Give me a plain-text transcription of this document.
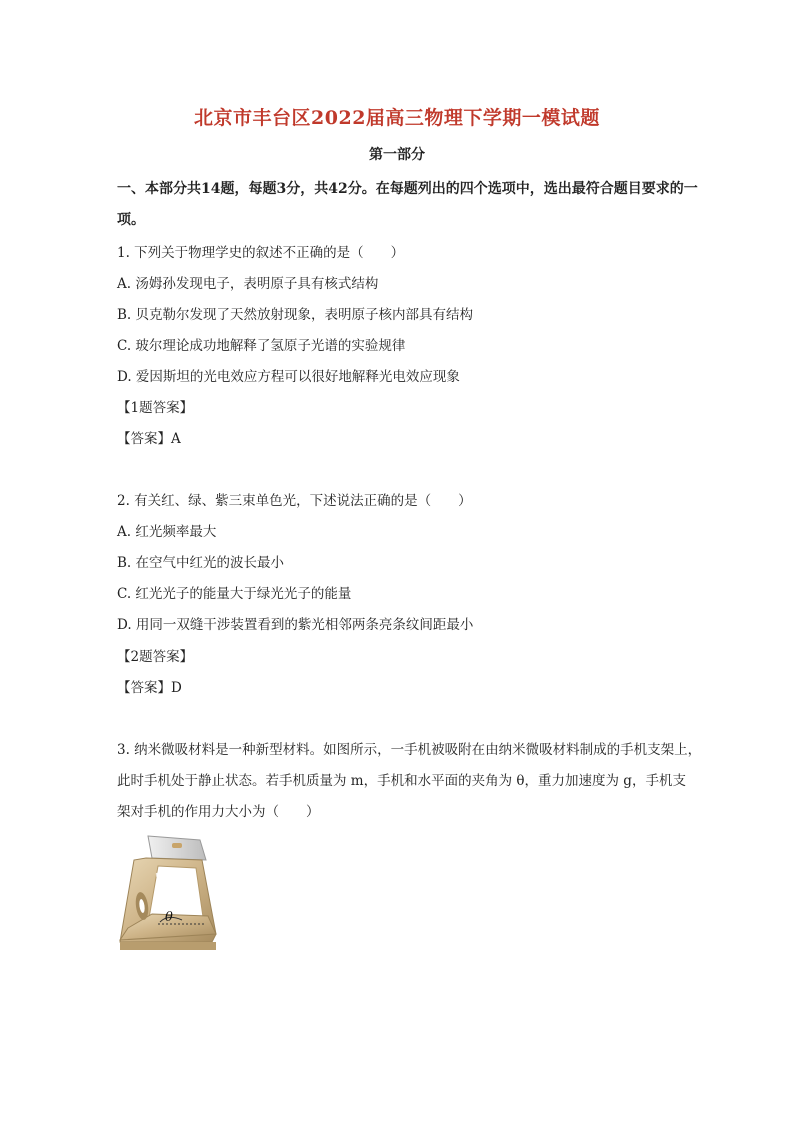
北京市丰台区2022届高三物理下学期一模试题
第一部分
一、本部分共14题，每题3分，共42分。在每题列出的四个选项中，选出最符合题目要求的一
项。
1. 下列关于物理学史的叙述不正确的是（　　）
A. 汤姆孙发现电子，表明原子具有核式结构
B. 贝克勒尔发现了天然放射现象，表明原子核内部具有结构
C. 玻尔理论成功地解释了氢原子光谱的实验规律
D. 爱因斯坦的光电效应方程可以很好地解释光电效应现象
【1题答案】
【答案】A
2. 有关红、绿、紫三束单色光，下述说法正确的是（　　）
A. 红光频率最大
B. 在空气中红光的波长最小
C. 红光光子的能量大于绿光光子的能量
D. 用同一双缝干涉装置看到的紫光相邻两条亮条纹间距最小
【2题答案】
【答案】D
3. 纳米微吸材料是一种新型材料。如图所示，一手机被吸附在由纳米微吸材料制成的手机支架上，
此时手机处于静止状态。若手机质量为 m，手机和水平面的夹角为 θ，重力加速度为 g，手机支
架对手机的作用力大小为（　　）
θ
